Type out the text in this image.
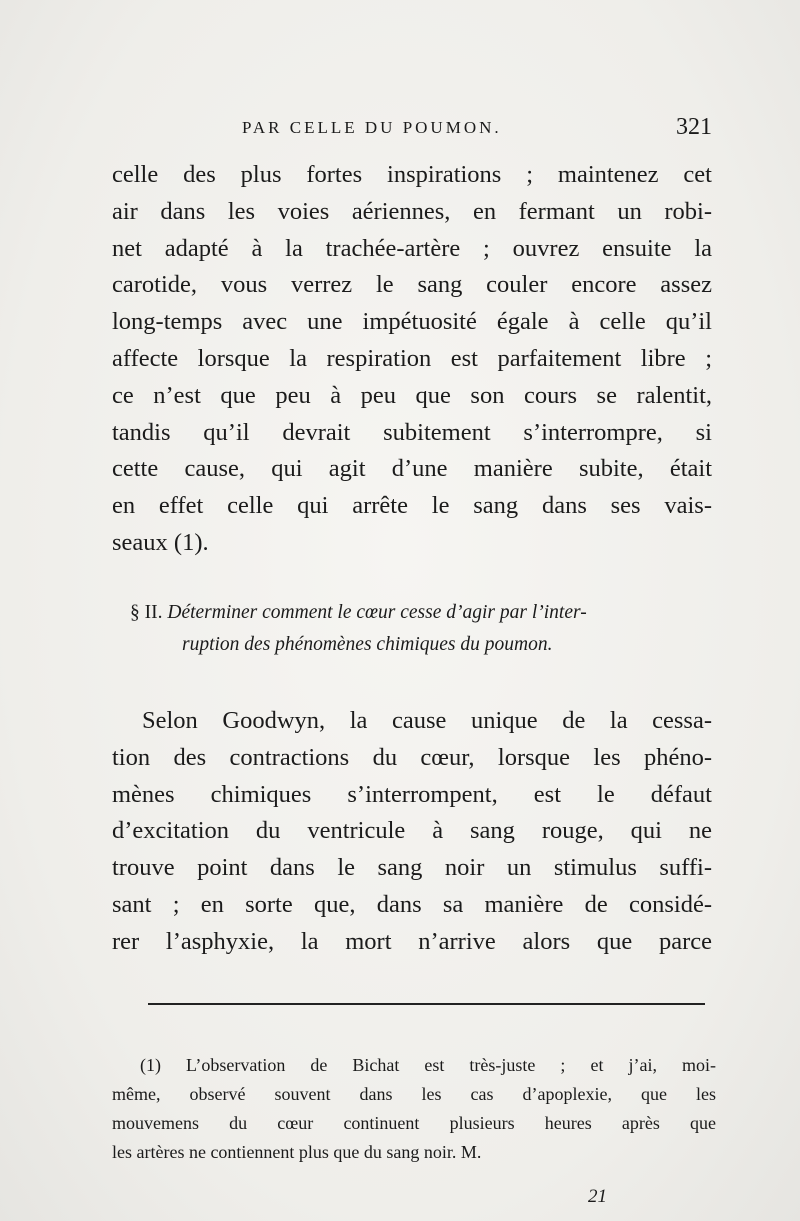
PAR CELLE DU POUMON.	321
celle des plus fortes inspirations ; maintenez cet
air dans les voies aériennes, en fermant un robi-
net adapté à la trachée-artère ; ouvrez ensuite la
carotide, vous verrez le sang couler encore assez
long-temps avec une impétuosité égale à celle qu’il
affecte lorsque la respiration est parfaitement libre ;
ce n’est que peu à peu que son cours se ralentit,
tandis qu’il devrait subitement s’interrompre, si
cette cause, qui agit d’une manière subite, était
en effet celle qui arrête le sang dans ses vais-
seaux (1).
§ II. Déterminer comment le cœur cesse d’agir par l’inter-
ruption des phénomènes chimiques du poumon.
Selon Goodwyn, la cause unique de la cessa-
tion des contractions du cœur, lorsque les phéno-
mènes chimiques s’interrompent, est le défaut
d’excitation du ventricule à sang rouge, qui ne
trouve point dans le sang noir un stimulus suffi-
sant ; en sorte que, dans sa manière de considé-
rer l’asphyxie, la mort n’arrive alors que parce
(1) L’observation de Bichat est très-juste ; et j’ai, moi-
même, observé souvent dans les cas d’apoplexie, que les
mouvemens du cœur continuent plusieurs heures après que
les artères ne contiennent plus que du sang noir. M.
21
